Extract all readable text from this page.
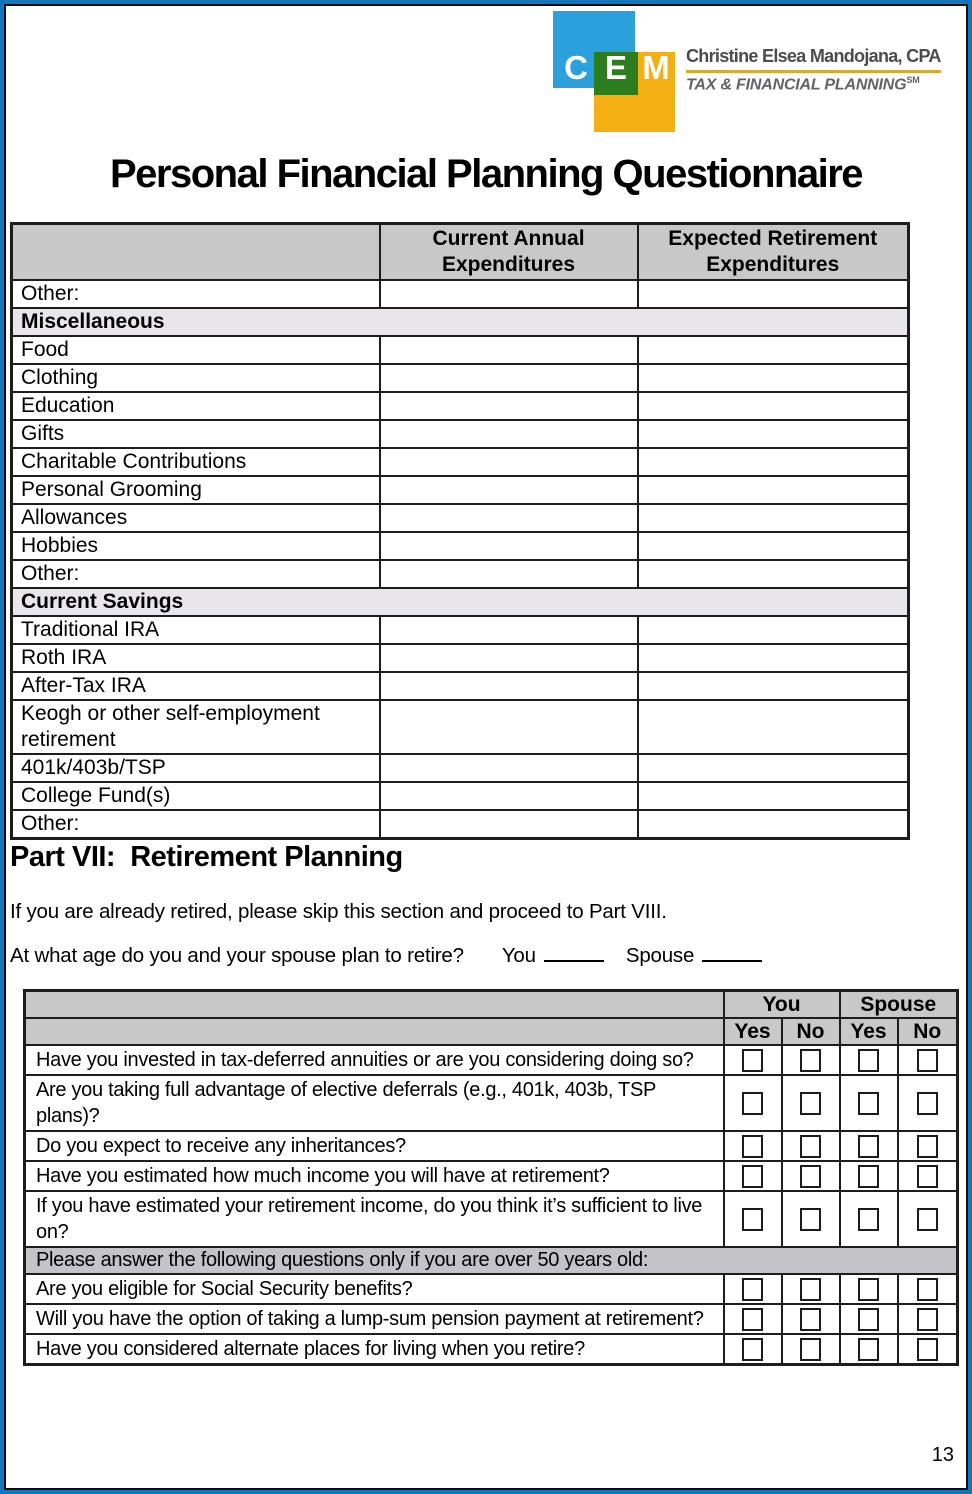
C E M Christine Elsea Mandojana, CPA
TAX & FINANCIAL PLANNING℠
Personal Financial Planning Questionnaire
	Current Annual Expenditures	Expected Retirement Expenditures
Other:		
Miscellaneous		
Food		
Clothing		
Education		
Gifts		
Charitable Contributions		
Personal Grooming		
Allowances		
Hobbies		
Other:		
Current Savings		
Traditional IRA		
Roth IRA		
After-Tax IRA		
Keogh or other self-employment retirement		
401k/403b/TSP		
College Fund(s)		
Other:		
Part VII:  Retirement Planning
If you are already retired, please skip this section and proceed to Part VIII.
At what age do you and your spouse plan to retire? You	Spouse
	You		Spouse	
	Yes	No	Yes	No
Have you invested in tax-deferred annuities or are you considering doing so?				
Are you taking full advantage of elective deferrals (e.g., 401k, 403b, TSP plans)?				
Do you expect to receive any inheritances?				
Have you estimated how much income you will have at retirement?				
If you have estimated your retirement income, do you think it’s sufficient to live on?				
Please answer the following questions only if you are over 50 years old:				
Are you eligible for Social Security benefits?				
Will you have the option of taking a lump-sum pension payment at retirement?				
Have you considered alternate places for living when you retire?				
13
